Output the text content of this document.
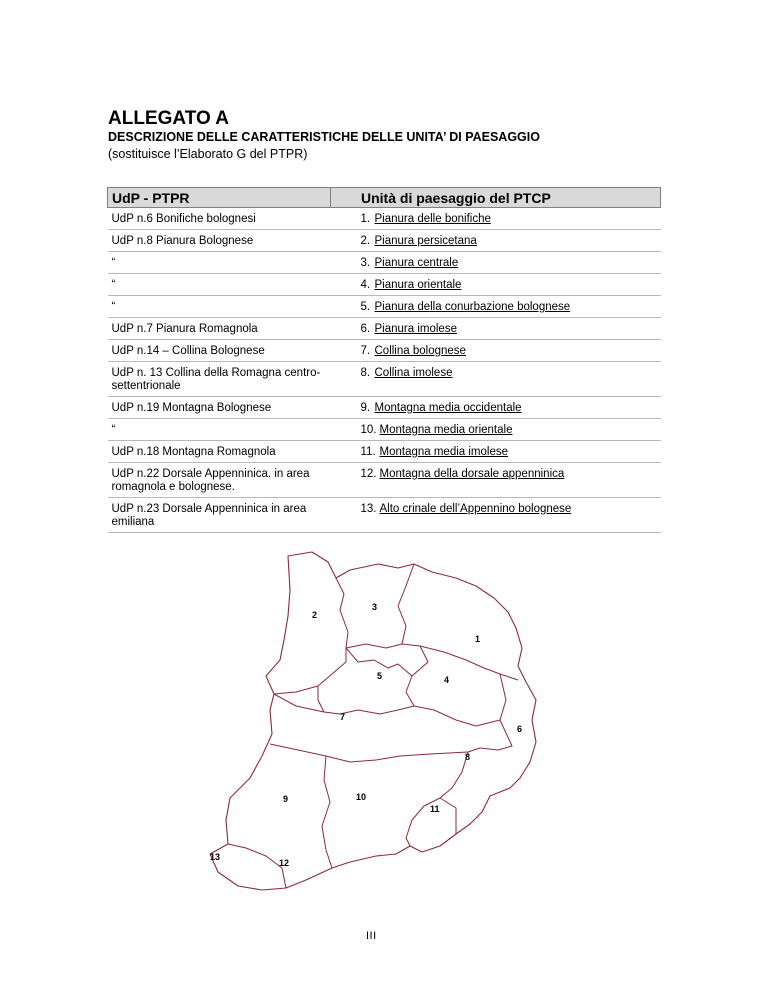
ALLEGATO A
DESCRIZIONE DELLE CARATTERISTICHE DELLE UNITA’ DI PAESAGGIO
(sostituisce l’Elaborato G del PTPR)
UdP - PTPR	Unità di paesaggio del PTCP
UdP n.6 Bonifiche bolognesi	1. Pianura delle bonifiche
UdP n.8 Pianura Bolognese	2. Pianura persicetana
“	3. Pianura centrale
“	4. Pianura orientale
“	5. Pianura della conurbazione bolognese
UdP n.7 Pianura Romagnola	6. Pianura imolese
UdP n.14 – Collina Bolognese	7. Collina bolognese
UdP n. 13 Collina della Romagna centro-settentrionale	8. Collina imolese
UdP n.19 Montagna Bolognese	9. Montagna media occidentale
“	10. Montagna media orientale
UdP n.18 Montagna Romagnola	11. Montagna media imolese
UdP n.22 Dorsale Appenninica. in area romagnola e bolognese.	12. Montagna della dorsale appenninica
UdP n.23 Dorsale Appenninica in area emiliana	13. Alto crinale dell’Appennino bolognese
1
2
3
4
5
6
7
8
9	10
11
12
13
III
